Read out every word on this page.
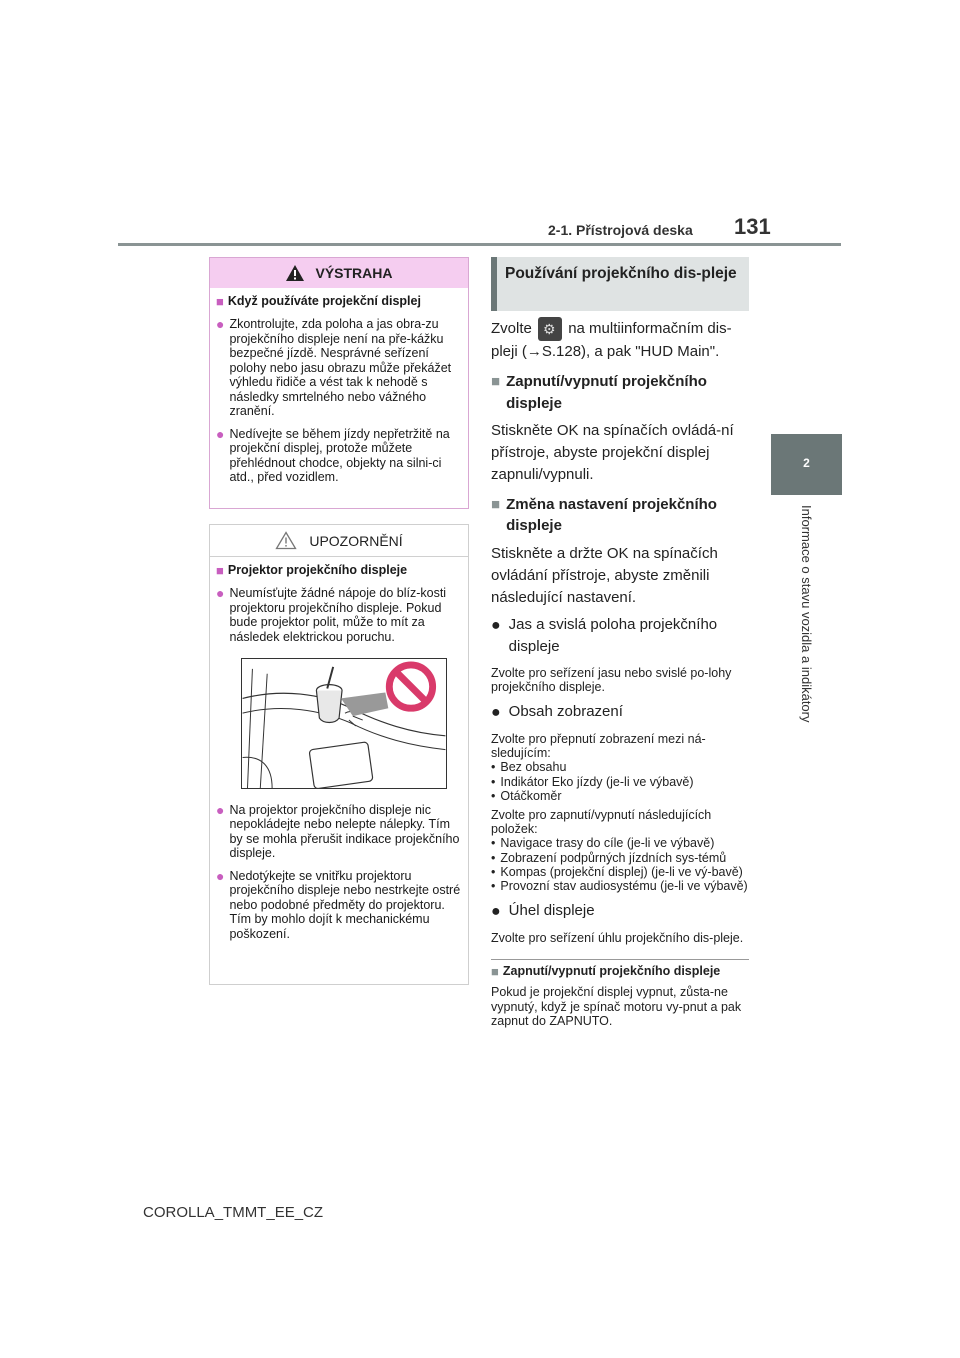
2-1. Přístrojová deska 131
2
Informace o stavu vozidla a indikátory
VÝSTRAHA
■ Když používáte projekční displej
● Zkontrolujte, zda poloha a jas obra-zu projekčního displeje není na pře-kážku bezpečné jízdě. Nesprávné seřízení polohy nebo jasu obrazu může překážet výhledu řidiče a vést tak k nehodě s následky smrtelného nebo vážného zranění.
● Nedívejte se během jízdy nepřetržitě na projekční displej, protože můžete přehlédnout chodce, objekty na silni-ci atd., před vozidlem.
UPOZORNĚNÍ
■ Projektor projekčního displeje
● Neumísťujte žádné nápoje do blíz-kosti projektoru projekčního displeje. Pokud bude projektor polit, může to mít za následek elektrickou poruchu.
● Na projektor projekčního displeje nic nepokládejte nebo nelepte nálepky. Tím by se mohla přerušit indikace projekčního displeje.
● Nedotýkejte se vnitřku projektoru projekčního displeje nebo nestrkejte ostré nebo podobné předměty do projektoru. Tím by mohlo dojít k mechanickému poškození.
Používání projekčního dis-pleje

Zvolte ⚙ na multiinformačním dis-pleji (→S.128), a pak "HUD Main".

■ Zapnutí/vypnutí projekčního displeje

Stiskněte OK na spínačích ovládá-ní přístroje, abyste projekční displej zapnuli/vypnuli.

■ Změna nastavení projekčního displeje

Stiskněte a držte OK na spínačích ovládání přístroje, abyste změnili následující nastavení.

● Jas a svislá poloha projekčního displeje

Zvolte pro seřízení jasu nebo svislé po-lohy projekčního displeje.

● Obsah zobrazení

Zvolte pro přepnutí zobrazení mezi ná-sledujícím:

• Bez obsahu
• Indikátor Eko jízdy (je-li ve výbavě)
• Otáčkoměr

Zvolte pro zapnutí/vypnutí následujících položek:

• Navigace trasy do cíle (je-li ve výbavě)
• Zobrazení podpůrných jízdních sys-témů
• Kompas (projekční displej) (je-li ve vý-bavě)
• Provozní stav audiosystému (je-li ve výbavě)
● Úhel displeje

Zvolte pro seřízení úhlu projekčního dis-pleje.

■ Zapnutí/vypnutí projekčního displeje

Pokud je projekční displej vypnut, zůsta-ne vypnutý, když je spínač motoru vy-pnut a pak zapnut do ZAPNUTO.

COROLLA_TMMT_EE_CZ
